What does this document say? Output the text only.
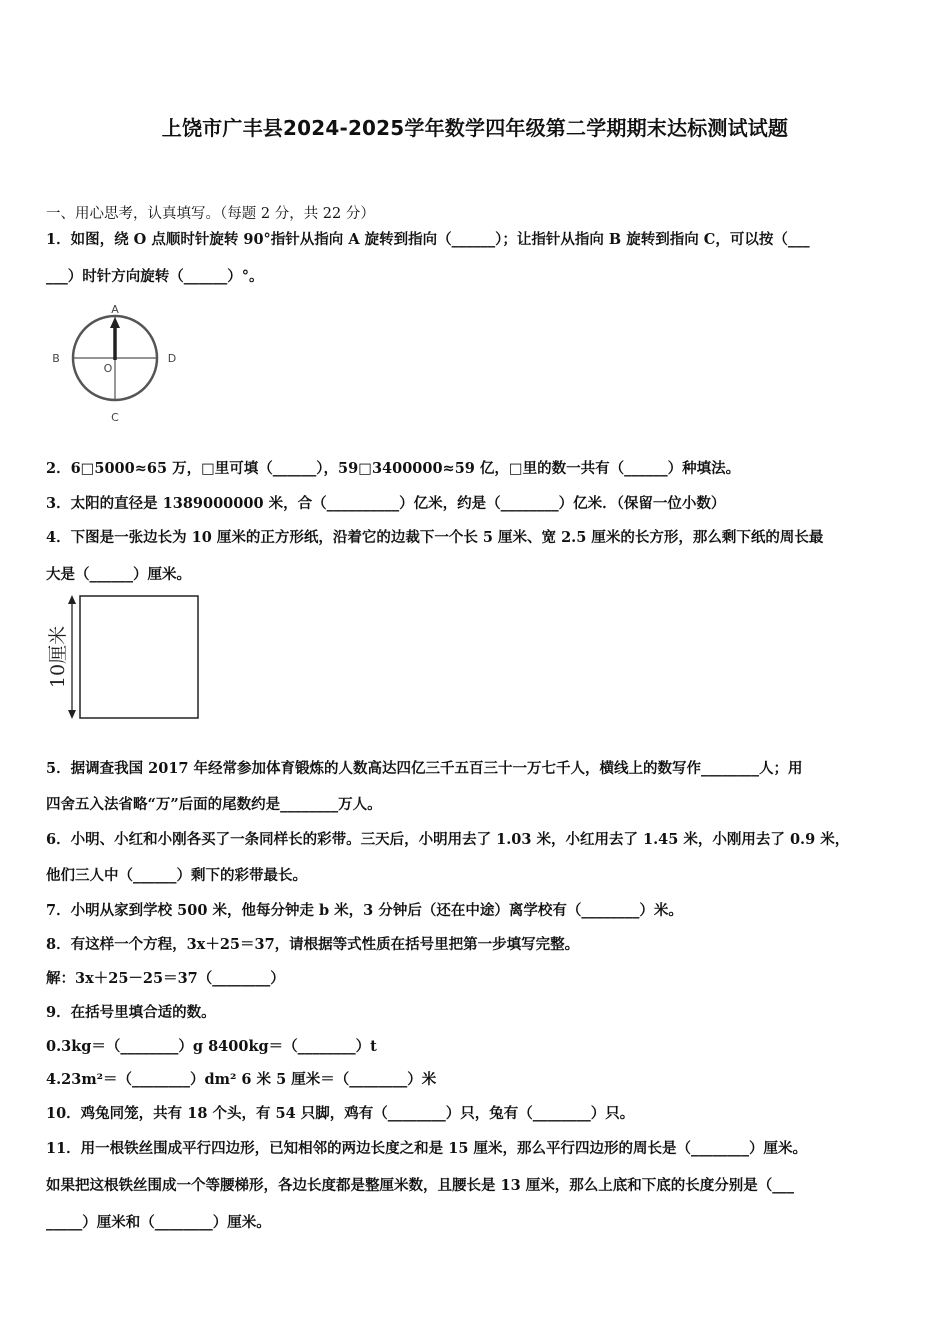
上饶市广丰县2024-2025学年数学四年级第二学期期末达标测试试题
一、用心思考，认真填写。（每题 2 分，共 22 分）
1．如图，绕 O 点顺时针旋转 90°指针从指向 A 旋转到指向（______）；让指针从指向 B 旋转到指向 C，可以按（___
___）时针方向旋转（______）°。
A
B
C
D
O
2．6□5000≈65 万，□里可填（______），59□3400000≈59 亿，□里的数一共有（______）种填法。
3．太阳的直径是 1389000000 米，合（__________）亿米，约是（________）亿米．（保留一位小数）
4．下图是一张边长为 10 厘米的正方形纸，沿着它的边裁下一个长 5 厘米、宽 2.5 厘米的长方形，那么剩下纸的周长最
大是（______）厘米。
10厘米
5．据调查我国 2017 年经常参加体育锻炼的人数高达四亿三千五百三十一万七千人，横线上的数写作________人；用
四舍五入法省略“万”后面的尾数约是________万人。
6．小明、小红和小刚各买了一条同样长的彩带。三天后，小明用去了 1.03 米，小红用去了 1.45 米，小刚用去了 0.9 米，
他们三人中（______）剩下的彩带最长。
7．小明从家到学校 500 米，他每分钟走 b 米，3 分钟后（还在中途）离学校有（________）米。
8．有这样一个方程，3x＋25＝37，请根据等式性质在括号里把第一步填写完整。
解：3x＋25－25＝37（________）
9．在括号里填合适的数。
0.3kg＝（________）g 8400kg＝（________）t
4.23m²＝（________）dm² 6 米 5 厘米＝（________）米
10．鸡兔同笼，共有 18 个头，有 54 只脚，鸡有（________）只，兔有（________）只。
11．用一根铁丝围成平行四边形，已知相邻的两边长度之和是 15 厘米，那么平行四边形的周长是（________）厘米。
如果把这根铁丝围成一个等腰梯形，各边长度都是整厘米数，且腰长是 13 厘米，那么上底和下底的长度分别是（___
_____）厘米和（________）厘米。
